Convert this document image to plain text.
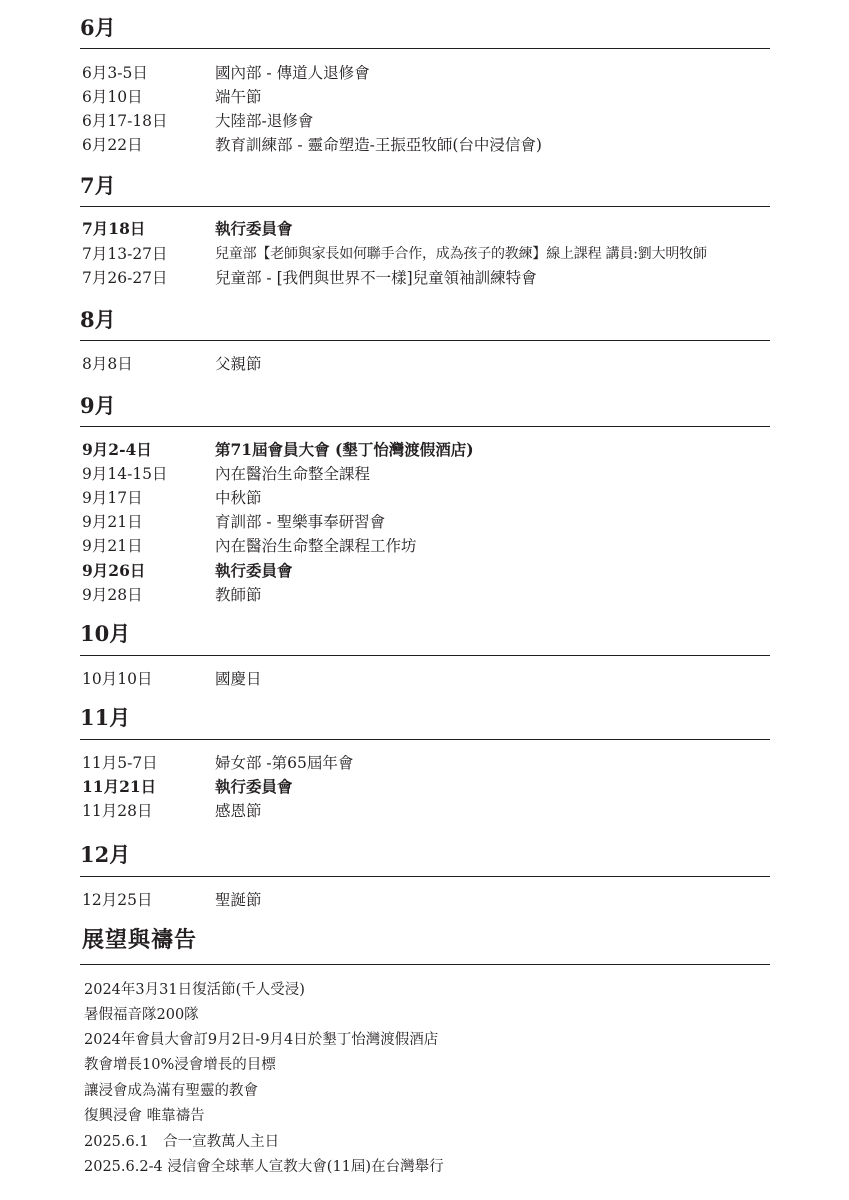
6月
6月3-5日	國內部 - 傳道人退修會
6月10日	端午節
6月17-18日	大陸部-退修會
6月22日	教育訓練部 - 靈命塑造-王振亞牧師(台中浸信會)
7月
7月18日	執行委員會
7月13-27日	兒童部【老師與家長如何聯手合作，成為孩子的教練】線上課程 講員:劉大明牧師
7月26-27日	兒童部 - [我們與世界不一樣]兒童領袖訓練特會
8月
8月8日	父親節
9月
9月2-4日	第71屆會員大會 (墾丁怡灣渡假酒店)
9月14-15日	內在醫治生命整全課程
9月17日	中秋節
9月21日	育訓部 - 聖樂事奉研習會
9月21日	內在醫治生命整全課程工作坊
9月26日	執行委員會
9月28日	教師節
10月
10月10日	國慶日
11月
11月5-7日	婦女部 -第65屆年會
11月21日	執行委員會
11月28日	感恩節
12月
12月25日	聖誕節
展望與禱告
2024年3月31日復活節(千人受浸)
暑假福音隊200隊
2024年會員大會訂9月2日-9月4日於墾丁怡灣渡假酒店
教會增長10%浸會增長的目標
讓浸會成為滿有聖靈的教會
復興浸會 唯靠禱告
2025.6.1　合一宣教萬人主日
2025.6.2-4 浸信會全球華人宣教大會(11屆)在台灣舉行
